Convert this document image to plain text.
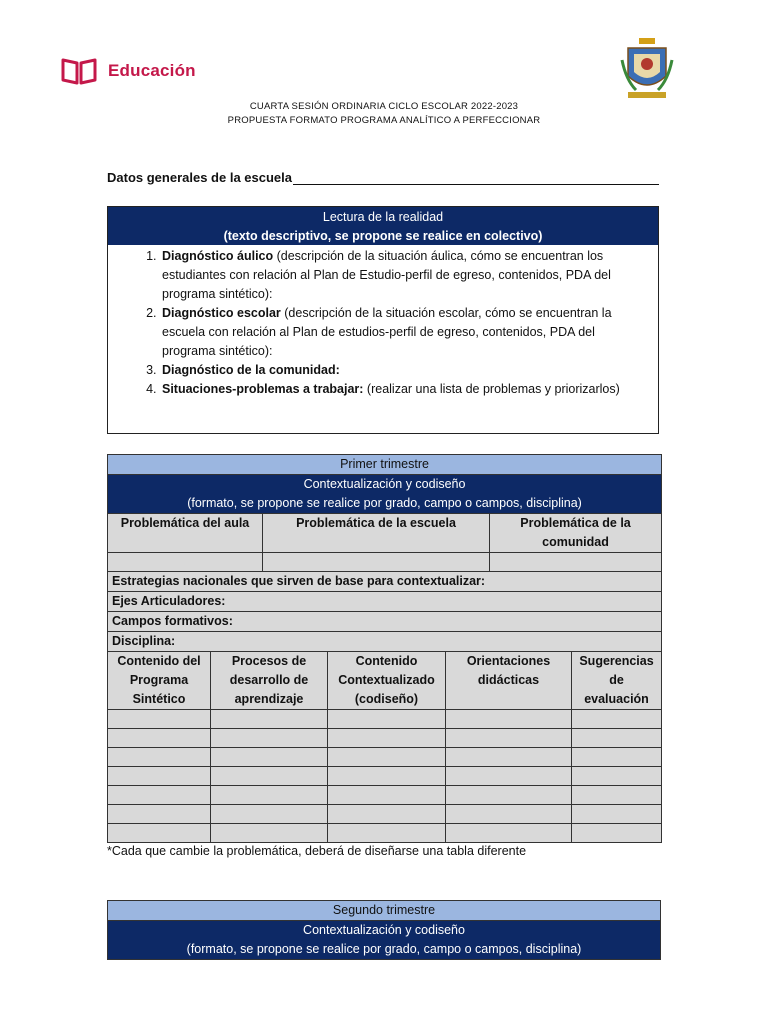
Educación
CUARTA SESIÓN ORDINARIA CICLO ESCOLAR 2022-2023
PROPUESTA FORMATO PROGRAMA ANALÍTICO A PERFECCIONAR
Datos generales de la escuela
Lectura de la realidad
(texto descriptivo, se propone se realice en colectivo)
1. Diagnóstico áulico (descripción de la situación áulica, cómo se encuentran los estudiantes con relación al Plan de Estudio-perfil de egreso, contenidos, PDA del programa sintético):
2. Diagnóstico escolar (descripción de la situación escolar, cómo se encuentran la escuela con relación al Plan de estudios-perfil de egreso, contenidos, PDA del programa sintético):
3. Diagnóstico de la comunidad:
4. Situaciones-problemas a trabajar: (realizar una lista de problemas y priorizarlos)
Primer trimestre						

Contextualización y codiseño
(formato, se propone se realice por grado, campo o campos, disciplina)						

Problemática del aula		Problemática de la escuela			Problemática de la comunidad	

Estrategias nacionales que sirven de base para contextualizar:						
Ejes Articuladores:						
Campos formativos:						
Disciplina:						
Contenido del Programa Sintético	Procesos de desarrollo de aprendizaje		Contenido Contextualizado (codiseño)	Orientaciones didácticas		Sugerencias de evaluación

*Cada que cambie la problemática, deberá de diseñarse una tabla diferente
Segundo trimestre

Contextualización y codiseño
(formato, se propone se realice por grado, campo o campos, disciplina)
